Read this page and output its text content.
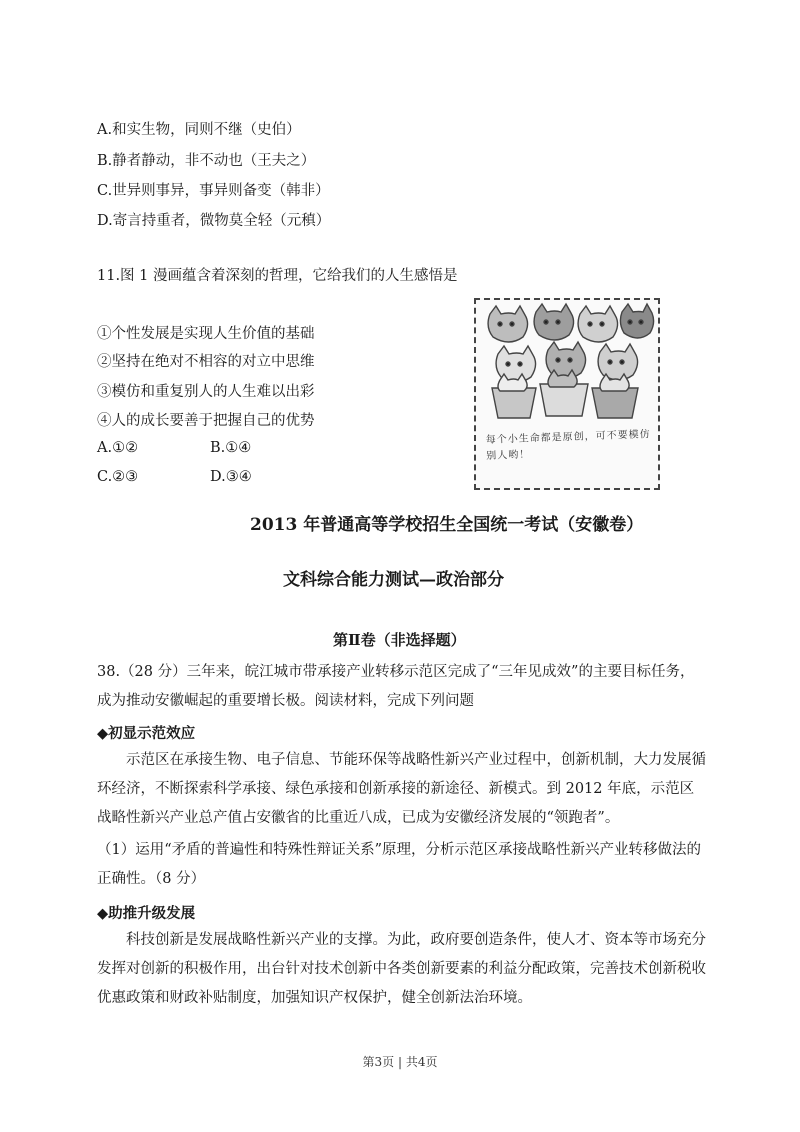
A.和实生物，同则不继（史伯）
B.静者静动，非不动也（王夫之）
C.世异则事异，事异则备变（韩非）
D.寄言持重者，微物莫全轻（元稹）
11.图 1 漫画蕴含着深刻的哲理，它给我们的人生感悟是
①个性发展是实现人生价值的基础
②坚持在绝对不相容的对立中思维
③模仿和重复别人的人生难以出彩
④人的成长要善于把握自己的优势
A.①②	B.①④
C.②③	D.③④
每个小生命都是原创，可不要模仿别人哟！
2013 年普通高等学校招生全国统一考试（安徽卷）
文科综合能力测试—政治部分
第Ⅱ卷（非选择题）
38.（28 分）三年来，皖江城市带承接产业转移示范区完成了“三年见成效”的主要目标任务，成为推动安徽崛起的重要增长极。阅读材料，完成下列问题
◆初显示范效应
示范区在承接生物、电子信息、节能环保等战略性新兴产业过程中，创新机制，大力发展循环经济，不断探索科学承接、绿色承接和创新承接的新途径、新模式。到 2012 年底，示范区战略性新兴产业总产值占安徽省的比重近八成，已成为安徽经济发展的“领跑者”。
（1）运用“矛盾的普遍性和特殊性辩证关系”原理，分析示范区承接战略性新兴产业转移做法的正确性。（8 分）
◆助推升级发展
科技创新是发展战略性新兴产业的支撑。为此，政府要创造条件，使人才、资本等市场充分发挥对创新的积极作用，出台针对技术创新中各类创新要素的利益分配政策，完善技术创新税收优惠政策和财政补贴制度，加强知识产权保护，健全创新法治环境。
第3页 | 共4页
